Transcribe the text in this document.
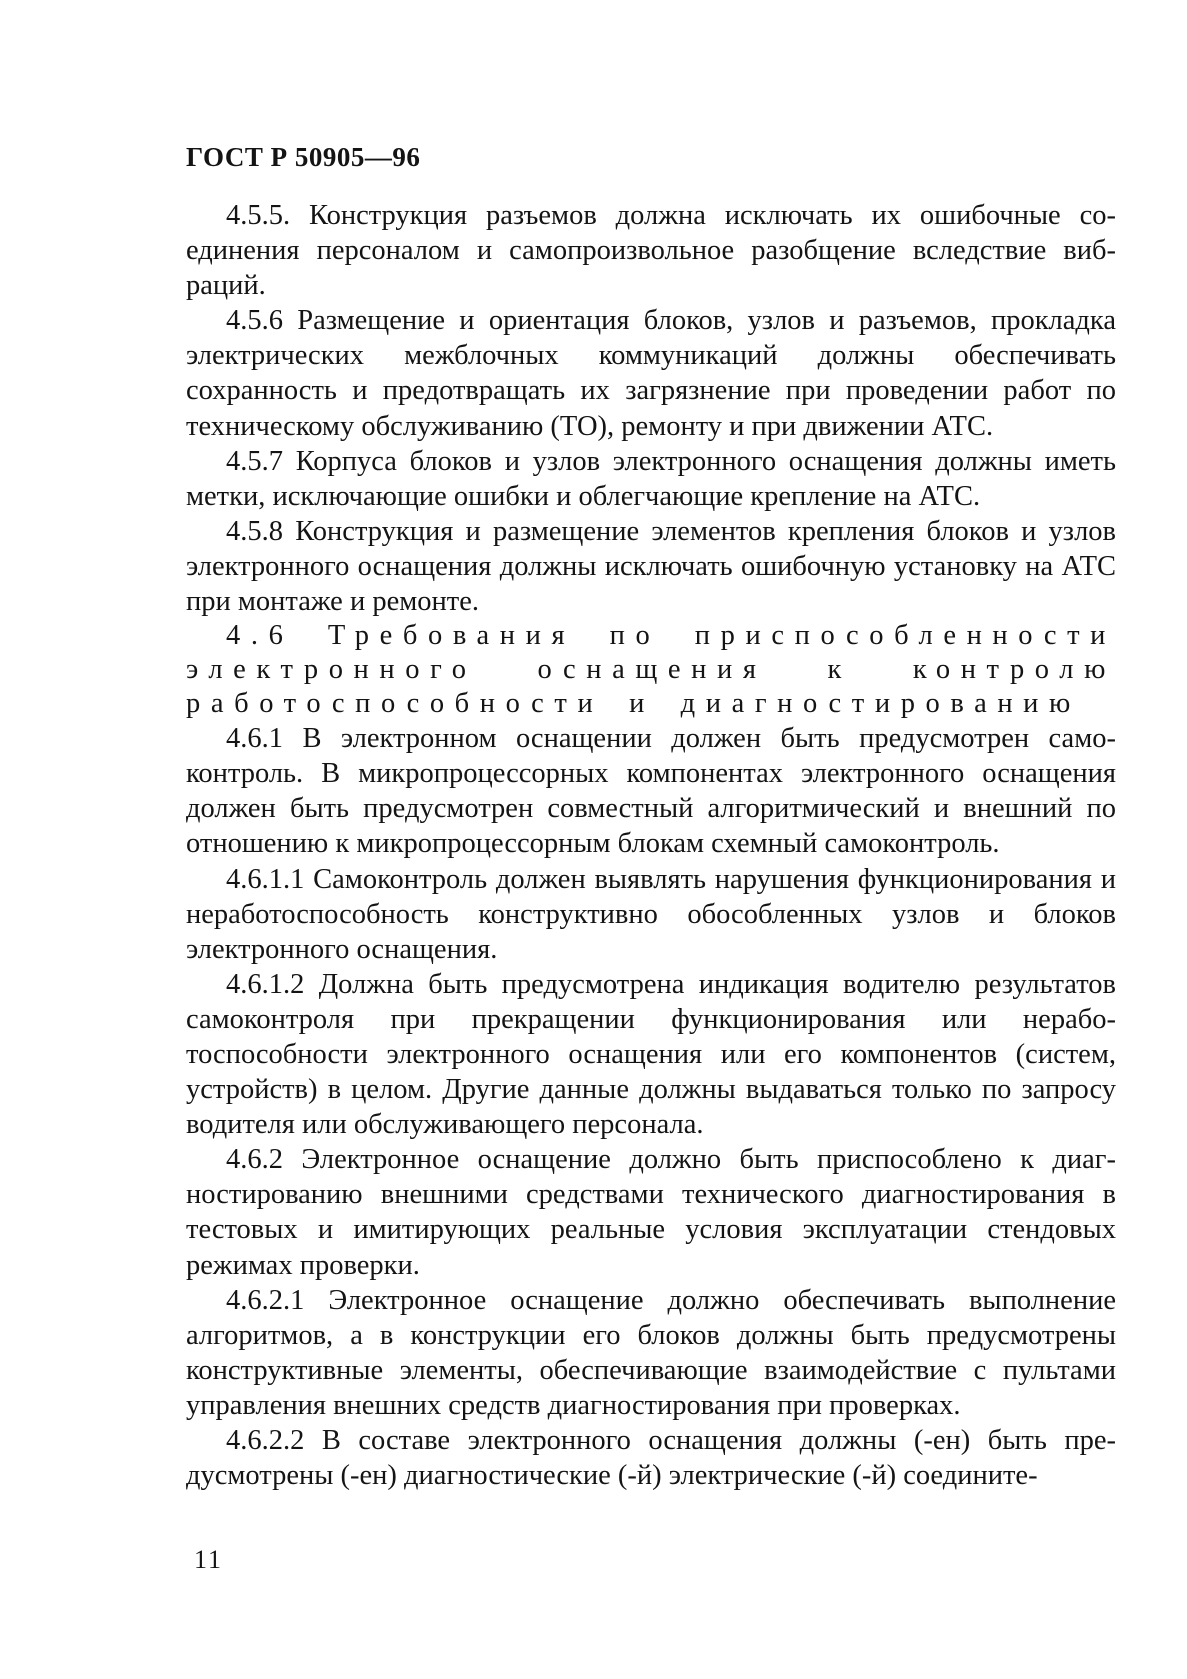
ГОСТ Р 50905—96

4.5.5. Конструкция разъемов должна исключать их ошибочные соединения персоналом и самопроизвольное разобщение вследствие вибраций.

4.5.6 Размещение и ориентация блоков, узлов и разъемов, прокладка электрических межблочных коммуникаций должны обеспечивать сохранность и предотвращать их загрязнение при проведении работ по техническому обслуживанию (ТО), ремонту и при движении АТС.

4.5.7 Корпуса блоков и узлов электронного оснащения должны иметь метки, исключающие ошибки и облегчающие крепление на АТС.

4.5.8 Конструкция и размещение элементов крепления блоков и узлов электронного оснащения должны исключать ошибочную установку на АТС при монтаже и ремонте.

4.6 Требования по приспособленности электронного оснащения к контролю работоспособности и диагностированию

4.6.1 В электронном оснащении должен быть предусмотрен самоконтроль. В микропроцессорных компонентах электронного оснащения должен быть предусмотрен совместный алгоритмический и внешний по отношению к микропроцессорным блокам схемный самоконтроль.

4.6.1.1 Самоконтроль должен выявлять нарушения функционирования и неработоспособность конструктивно обособленных узлов и блоков электронного оснащения.

4.6.1.2 Должна быть предусмотрена индикация водителю результатов самоконтроля при прекращении функционирования или неработоспособности электронного оснащения или его компонентов (систем, устройств) в целом. Другие данные должны выдаваться только по запросу водителя или обслуживающего персонала.

4.6.2 Электронное оснащение должно быть приспособлено к диагностированию внешними средствами технического диагностирования в тестовых и имитирующих реальные условия эксплуатации стендовых режимах проверки.

4.6.2.1 Электронное оснащение должно обеспечивать выполнение алгоритмов, а в конструкции его блоков должны быть предусмотрены конструктивные элементы, обеспечивающие взаимодействие с пультами управления внешних средств диагностирования при проверках.

4.6.2.2 В составе электронного оснащения должны (-ен) быть предусмотрены (-ен) диагностические (-й) электрические (-й) соедините-

11
